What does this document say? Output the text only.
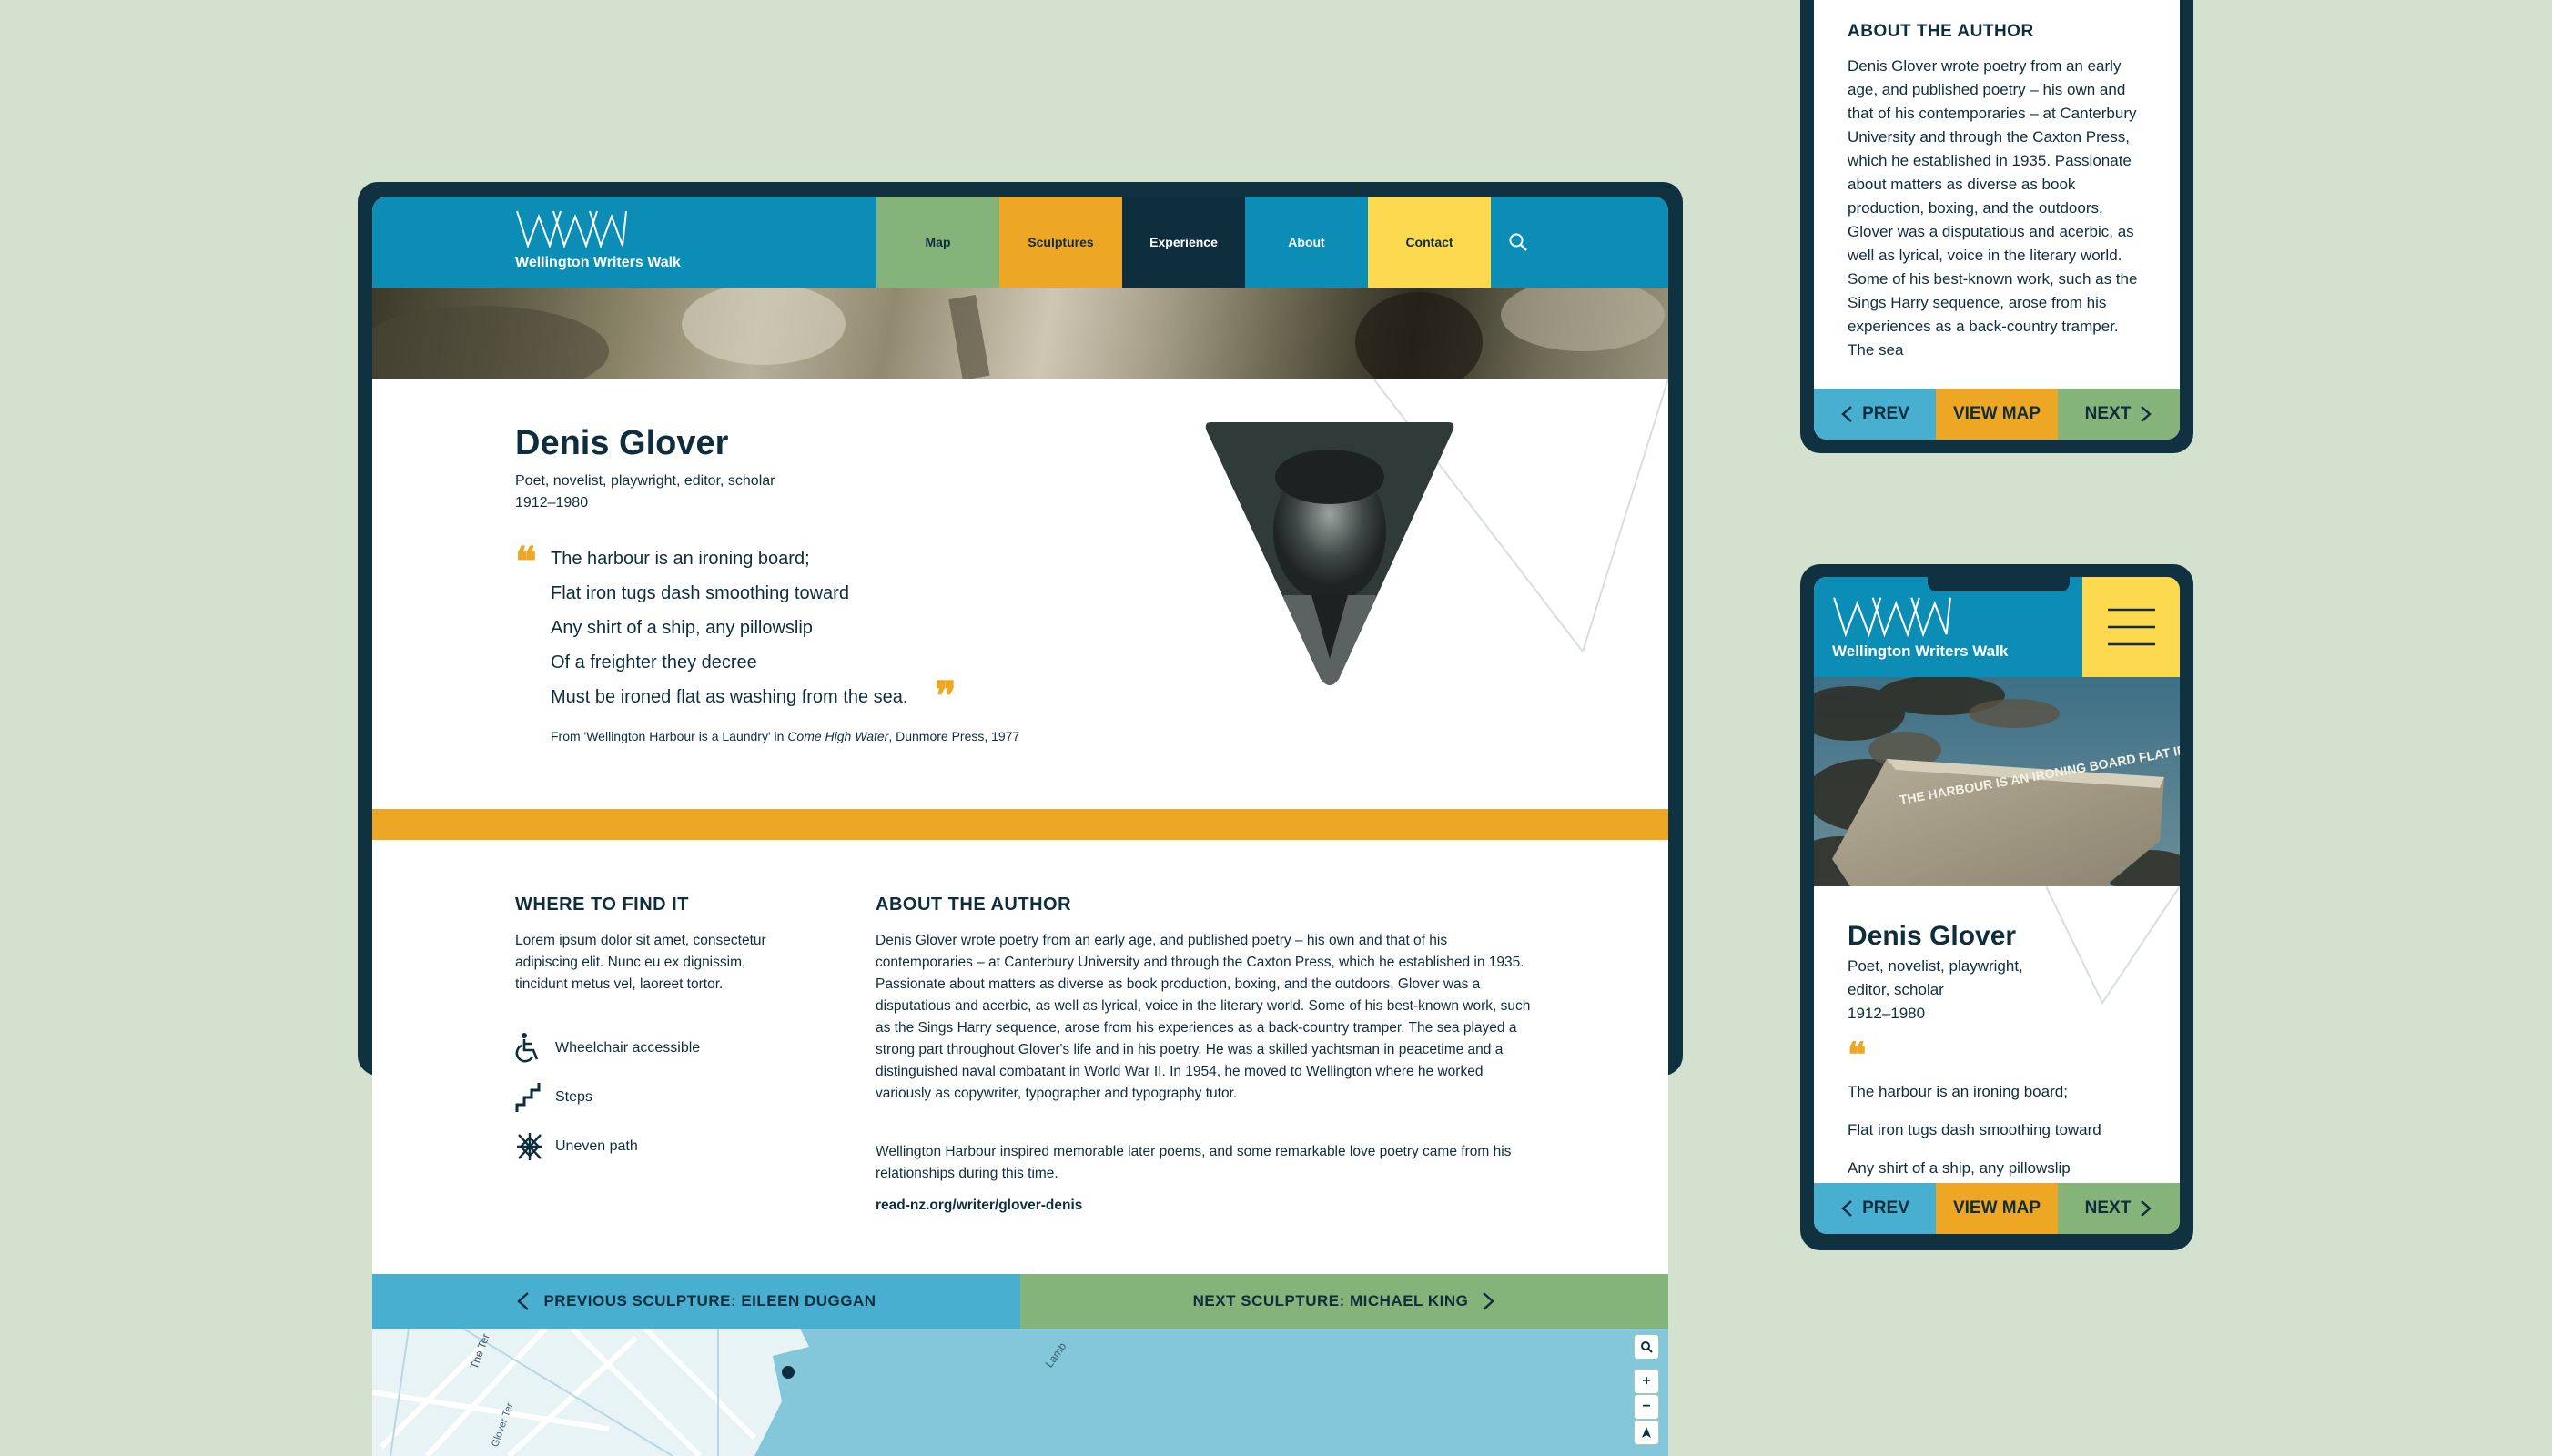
Wellington Writers Walk
Map	Sculptures	Experience	About	Contact
Denis Glover
Poet, novelist, playwright, editor, scholar
1912–1980
❝ The harbour is an ironing board;
Flat iron tugs dash smoothing toward
Any shirt of a ship, any pillowslip
Of a freighter they decree
Must be ironed flat as washing from the sea. ❞
From 'Wellington Harbour is a Laundry' in Come High Water, Dunmore Press, 1977
WHERE TO FIND IT
Lorem ipsum dolor sit amet, consectetur adipiscing elit. Nunc eu ex dignissim, tincidunt metus vel, laoreet tortor.
Wheelchair accessible
Steps
Uneven path
ABOUT THE AUTHOR
Denis Glover wrote poetry from an early age, and published poetry – his own and that of his contemporaries – at Canterbury University and through the Caxton Press, which he established in 1935. Passionate about matters as diverse as book production, boxing, and the outdoors, Glover was a disputatious and acerbic, as well as lyrical, voice in the literary world. Some of his best-known work, such as the Sings Harry sequence, arose from his experiences as a back-country tramper. The sea played a strong part throughout Glover's life and in his poetry. He was a skilled yachtsman in peacetime and a distinguished naval combatant in World War II. In 1954, he moved to Wellington where he worked variously as copywriter, typographer and typography tutor.
Wellington Harbour inspired memorable later poems, and some remarkable love poetry came from his relationships during this time.
read-nz.org/writer/glover-denis
PREVIOUS SCULPTURE: EILEEN DUGGAN	NEXT SCULPTURE: MICHAEL KING
The Ter	Lamb
Glover Ter
+
−
ABOUT THE AUTHOR
Denis Glover wrote poetry from an early age, and published poetry – his own and that of his contemporaries – at Canterbury University and through the Caxton Press, which he established in 1935. Passionate about matters as diverse as book production, boxing, and the outdoors, Glover was a disputatious and acerbic, as well as lyrical, voice in the literary world. Some of his best-known work, such as the Sings Harry sequence, arose from his experiences as a back-country tramper. The sea
PREV	VIEW MAP	NEXT
Wellington Writers Walk
Denis Glover
Poet, novelist, playwright,
editor, scholar
1912–1980
❝
The harbour is an ironing board;
Flat iron tugs dash smoothing toward
Any shirt of a ship, any pillowslip
PREV	VIEW MAP	NEXT
